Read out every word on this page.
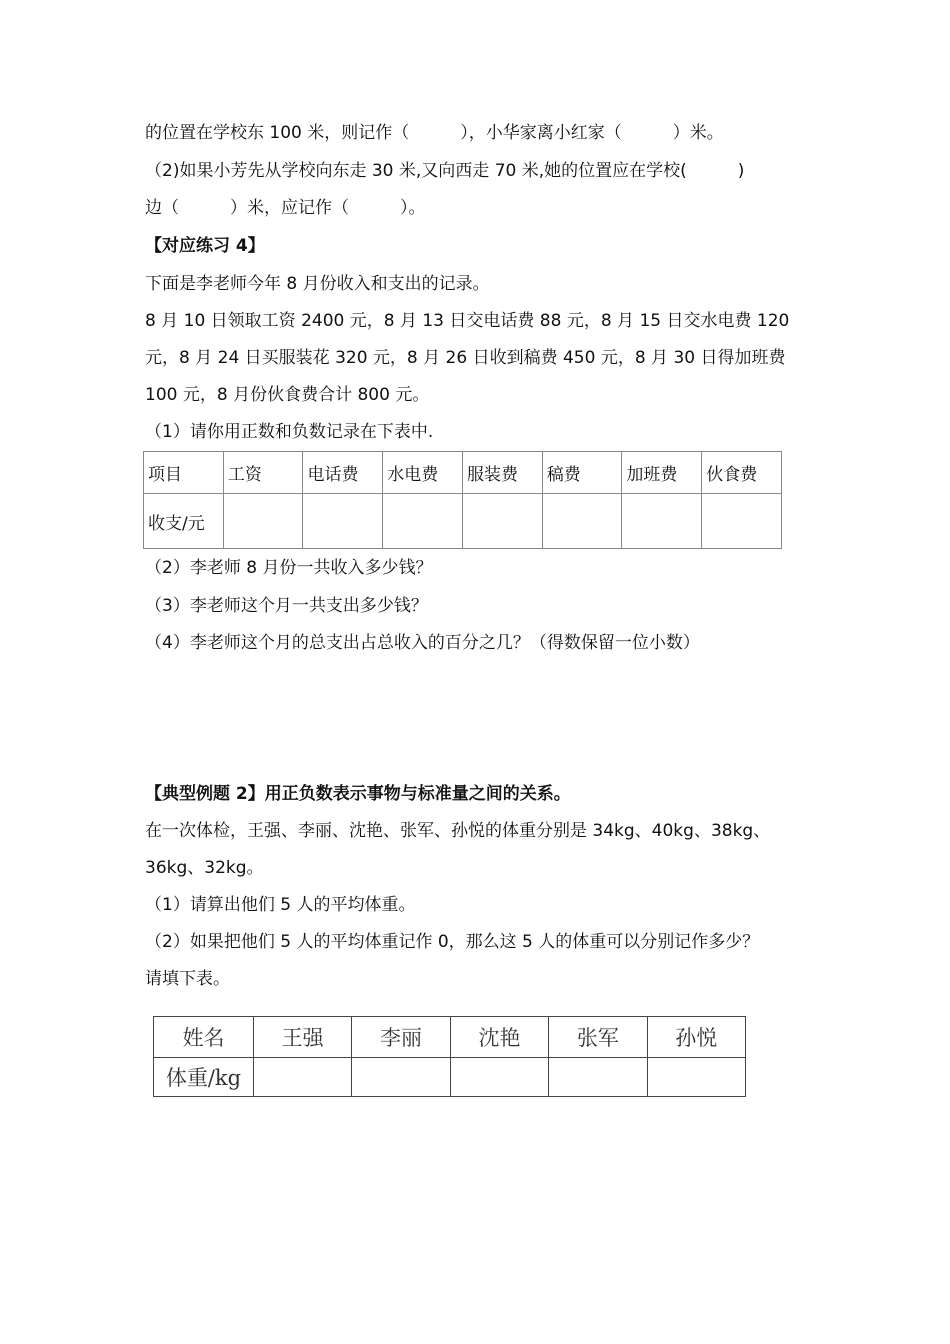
的位置在学校东 100 米，则记作（　　　），小华家离小红家（　　　）米。
（2)如果小芳先从学校向东走 30 米,又向西走 70 米,她的位置应在学校(　　　)
边（　　　）米，应记作（　　　）。
【对应练习 4】
下面是李老师今年 8 月份收入和支出的记录。
8 月 10 日领取工资 2400 元，8 月 13 日交电话费 88 元，8 月 15 日交水电费 120
元，8 月 24 日买服装花 320 元，8 月 26 日收到稿费 450 元，8 月 30 日得加班费
100 元，8 月份伙食费合计 800 元。
（1）请你用正数和负数记录在下表中.
项目	工资	电话费	水电费	服装费	稿费	加班费	伙食费
收支/元							
（2）李老师 8 月份一共收入多少钱？
（3）李老师这个月一共支出多少钱？
（4）李老师这个月的总支出占总收入的百分之几？（得数保留一位小数）
【典型例题 2】用正负数表示事物与标准量之间的关系。
在一次体检，王强、李丽、沈艳、张军、孙悦的体重分别是 34kg、40kg、38kg、
36kg、32kg。
（1）请算出他们 5 人的平均体重。
（2）如果把他们 5 人的平均体重记作 0，那么这 5 人的体重可以分别记作多少？
请填下表。
姓名	王强	李丽	沈艳	张军	孙悦
体重/kg					
